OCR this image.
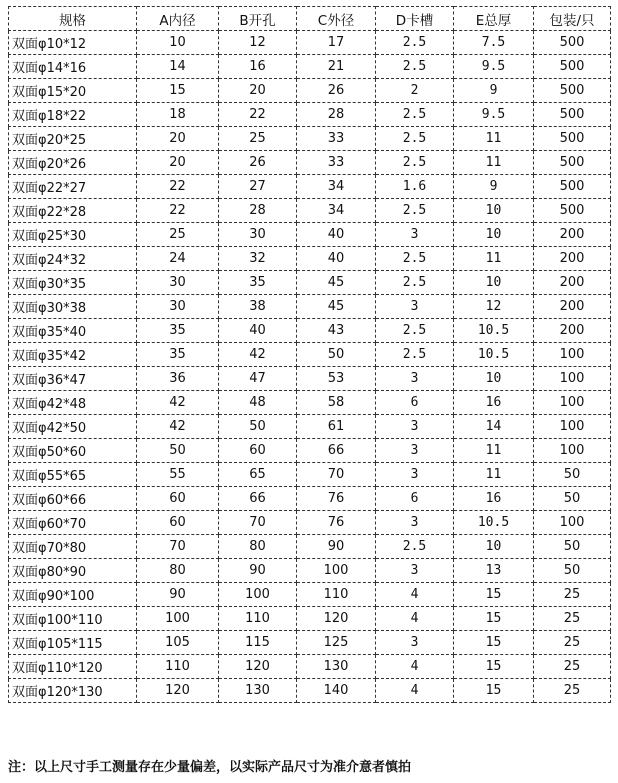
规格	A内径	B开孔	C外径	D卡槽	E总厚	包装/只
双面φ10*12	10	12	17	2.5	7.5	500
双面φ14*16	14	16	21	2.5	9.5	500
双面φ15*20	15	20	26	2	9	500
双面φ18*22	18	22	28	2.5	9.5	500
双面φ20*25	20	25	33	2.5	11	500
双面φ20*26	20	26	33	2.5	11	500
双面φ22*27	22	27	34	1.6	9	500
双面φ22*28	22	28	34	2.5	10	500
双面φ25*30	25	30	40	3	10	200
双面φ24*32	24	32	40	2.5	11	200
双面φ30*35	30	35	45	2.5	10	200
双面φ30*38	30	38	45	3	12	200
双面φ35*40	35	40	43	2.5	10.5	200
双面φ35*42	35	42	50	2.5	10.5	100
双面φ36*47	36	47	53	3	10	100
双面φ42*48	42	48	58	6	16	100
双面φ42*50	42	50	61	3	14	100
双面φ50*60	50	60	66	3	11	100
双面φ55*65	55	65	70	3	11	50
双面φ60*66	60	66	76	6	16	50
双面φ60*70	60	70	76	3	10.5	100
双面φ70*80	70	80	90	2.5	10	50
双面φ80*90	80	90	100	3	13	50
双面φ90*100	90	100	110	4	15	25
双面φ100*110	100	110	120	4	15	25
双面φ105*115	105	115	125	3	15	25
双面φ110*120	110	120	130	4	15	25
双面φ120*130	120	130	140	4	15	25
注：以上尺寸手工测量存在少量偏差，以实际产品尺寸为准介意者慎拍
